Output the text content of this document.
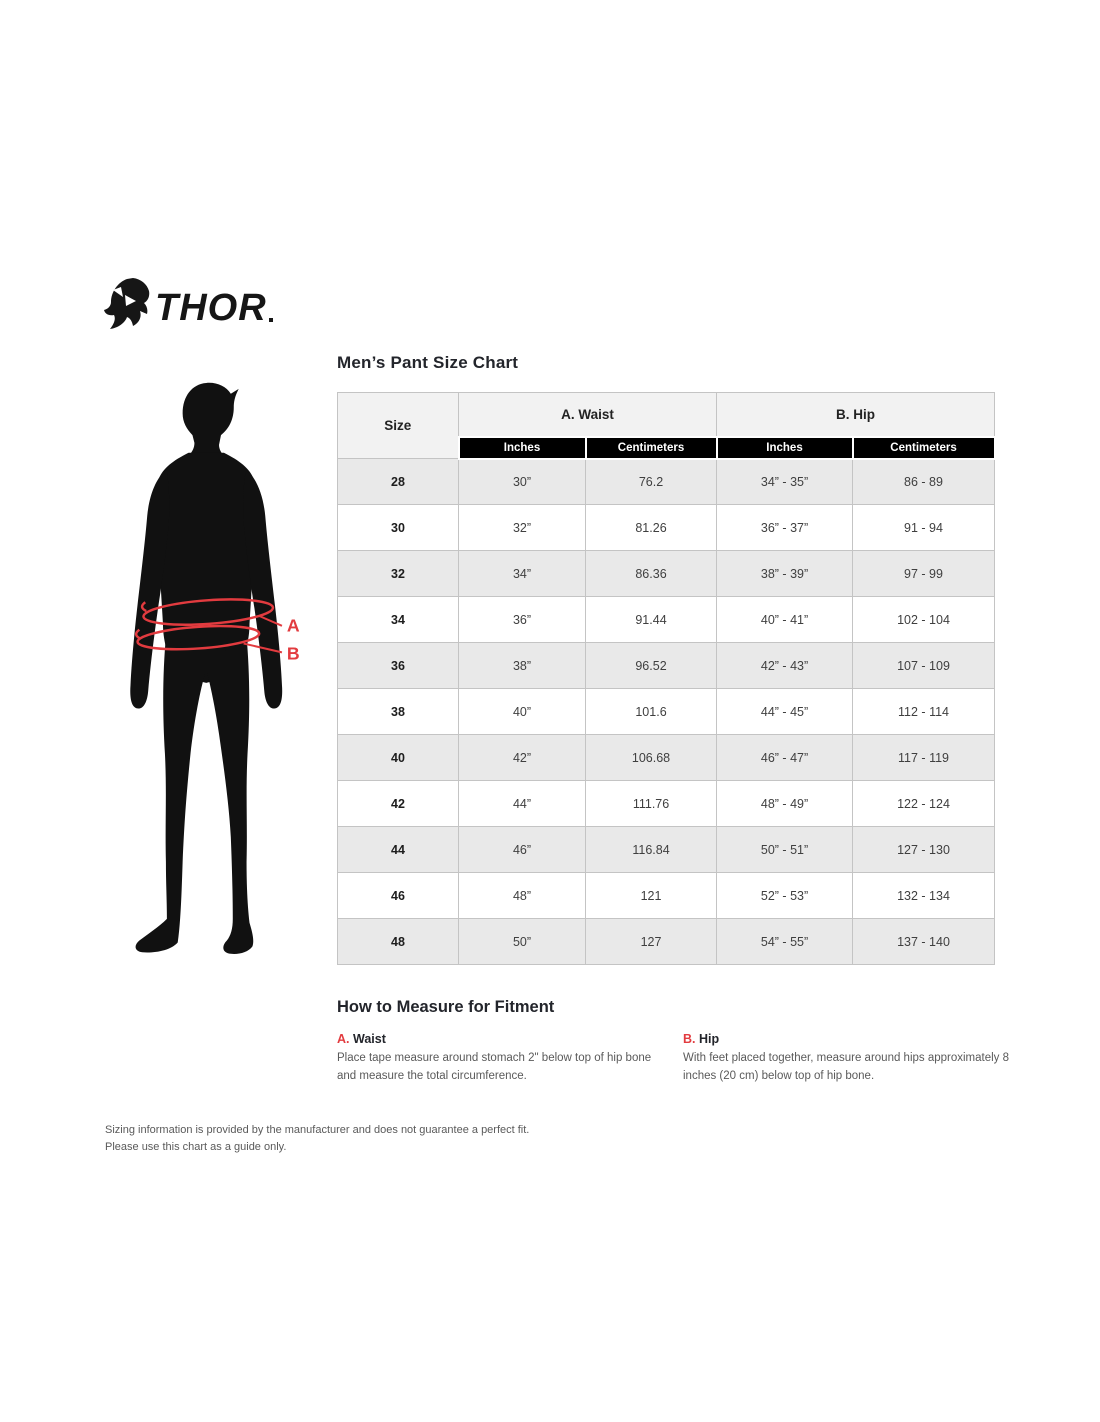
THOR
A
B
Men’s Pant Size Chart
Size	A. Waist		B. Hip	
	Inches	Centimeters	Inches	Centimeters
28	30”	76.2	34” - 35”	86 - 89
30	32”	81.26	36” - 37”	91 - 94
32	34”	86.36	38” - 39”	97 - 99
34	36”	91.44	40” - 41”	102 - 104
36	38”	96.52	42” - 43”	107 - 109
38	40”	101.6	44” - 45”	112 - 114
40	42”	106.68	46” - 47”	117 - 119
42	44”	111.76	48” - 49”	122 - 124
44	46”	116.84	50” - 51”	127 - 130
46	48”	121	52” - 53”	132 - 134
48	50”	127	54” - 55”	137 - 140
How to Measure for Fitment
A. Waist

Place tape measure around stomach 2" below top of hip bone and measure the total circumference.

B. Hip

With feet placed together, measure around hips approximately 8 inches (20 cm) below top of hip bone.

Sizing information is provided by the manufacturer and does not guarantee a perfect fit.

Please use this chart as a guide only.
